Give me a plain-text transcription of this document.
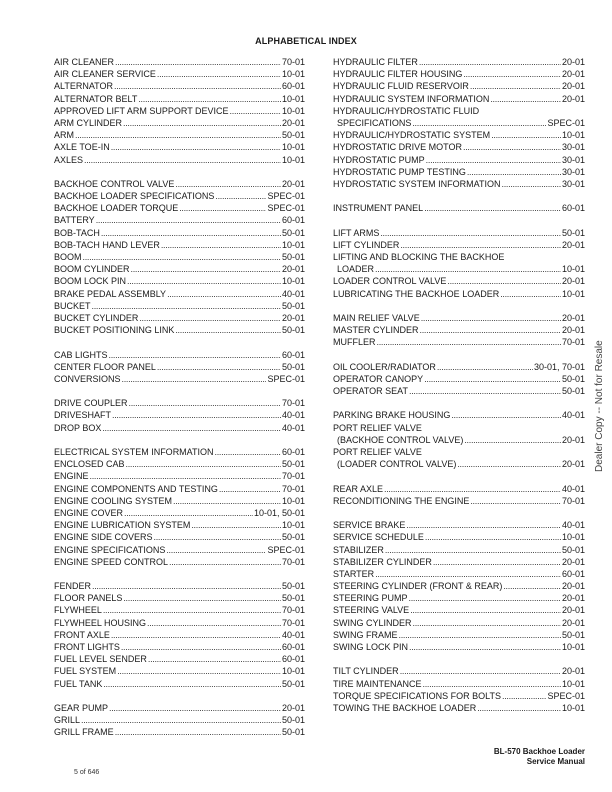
ALPHABETICAL INDEX
AIR CLEANER .....	70-01
AIR CLEANER SERVICE .....	10-01
ALTERNATOR .....	60-01
ALTERNATOR BELT .....	10-01
APPROVED LIFT ARM SUPPORT DEVICE .....	10-01
ARM CYLINDER .....	20-01
ARM .....	50-01
AXLE TOE-IN .....	10-01
AXLES .....	10-01
BACKHOE CONTROL VALVE .....	20-01
BACKHOE LOADER SPECIFICATIONS .....	SPEC-01
BACKHOE LOADER TORQUE .....	SPEC-01
BATTERY .....	60-01
BOB-TACH .....	50-01
BOB-TACH HAND LEVER .....	10-01
BOOM .....	50-01
BOOM CYLINDER .....	20-01
BOOM LOCK PIN .....	10-01
BRAKE PEDAL ASSEMBLY .....	40-01
BUCKET .....	50-01
BUCKET CYLINDER .....	20-01
BUCKET POSITIONING LINK .....	50-01
CAB LIGHTS .....	60-01
CENTER FLOOR PANEL .....	50-01
CONVERSIONS .....	SPEC-01
DRIVE COUPLER .....	70-01
DRIVESHAFT .....	40-01
DROP BOX .....	40-01
ELECTRICAL SYSTEM INFORMATION .....	60-01
ENCLOSED CAB .....	50-01
ENGINE .....	70-01
ENGINE COMPONENTS AND TESTING .....	70-01
ENGINE COOLING SYSTEM .....	10-01
ENGINE COVER .....	10-01, 50-01
ENGINE LUBRICATION SYSTEM .....	10-01
ENGINE SIDE COVERS .....	50-01
ENGINE SPECIFICATIONS .....	SPEC-01
ENGINE SPEED CONTROL .....	70-01
FENDER .....	50-01
FLOOR PANELS .....	50-01
FLYWHEEL .....	70-01
FLYWHEEL HOUSING .....	70-01
FRONT AXLE .....	40-01
FRONT LIGHTS .....	60-01
FUEL LEVEL SENDER .....	60-01
FUEL SYSTEM .....	10-01
FUEL TANK .....	50-01
GEAR PUMP .....	20-01
GRILL .....	50-01
GRILL FRAME .....	50-01
HYDRAULIC FILTER .....	20-01
HYDRAULIC FILTER HOUSING .....	20-01
HYDRAULIC FLUID RESERVOIR .....	20-01
HYDRAULIC SYSTEM INFORMATION .....	20-01
HYDRAULIC/HYDROSTATIC FLUID
SPECIFICATIONS .....	SPEC-01
HYDRAULIC/HYDROSTATIC SYSTEM .....	10-01
HYDROSTATIC DRIVE MOTOR .....	30-01
HYDROSTATIC PUMP .....	30-01
HYDROSTATIC PUMP TESTING .....	30-01
HYDROSTATIC SYSTEM INFORMATION .....	30-01
INSTRUMENT PANEL .....	60-01
LIFT ARMS .....	50-01
LIFT CYLINDER .....	20-01
LIFTING AND BLOCKING THE BACKHOE
LOADER .....	10-01
LOADER CONTROL VALVE .....	20-01
LUBRICATING THE BACKHOE LOADER .....	10-01
MAIN RELIEF VALVE .....	20-01
MASTER CYLINDER .....	20-01
MUFFLER .....	70-01
OIL COOLER/RADIATOR .....	30-01, 70-01
OPERATOR CANOPY .....	50-01
OPERATOR SEAT .....	50-01
PARKING BRAKE HOUSING .....	40-01
PORT RELIEF VALVE
(BACKHOE CONTROL VALVE) .....	20-01
PORT RELIEF VALVE
(LOADER CONTROL VALVE) .....	20-01
REAR AXLE .....	40-01
RECONDITIONING THE ENGINE .....	70-01
SERVICE BRAKE .....	40-01
SERVICE SCHEDULE .....	10-01
STABILIZER .....	50-01
STABILIZER CYLINDER .....	20-01
STARTER .....	60-01
STEERING CYLINDER (FRONT & REAR) .....	20-01
STEERING PUMP .....	20-01
STEERING VALVE .....	20-01
SWING CYLINDER .....	20-01
SWING FRAME .....	50-01
SWING LOCK PIN .....	10-01
TILT CYLINDER .....	20-01
TIRE MAINTENANCE .....	10-01
TORQUE SPECIFICATIONS FOR BOLTS .....	SPEC-01
TOWING THE BACKHOE LOADER .....	10-01
Dealer Copy -- Not for Resale
BL-570 Backhoe Loader
Service Manual
5 of 646
